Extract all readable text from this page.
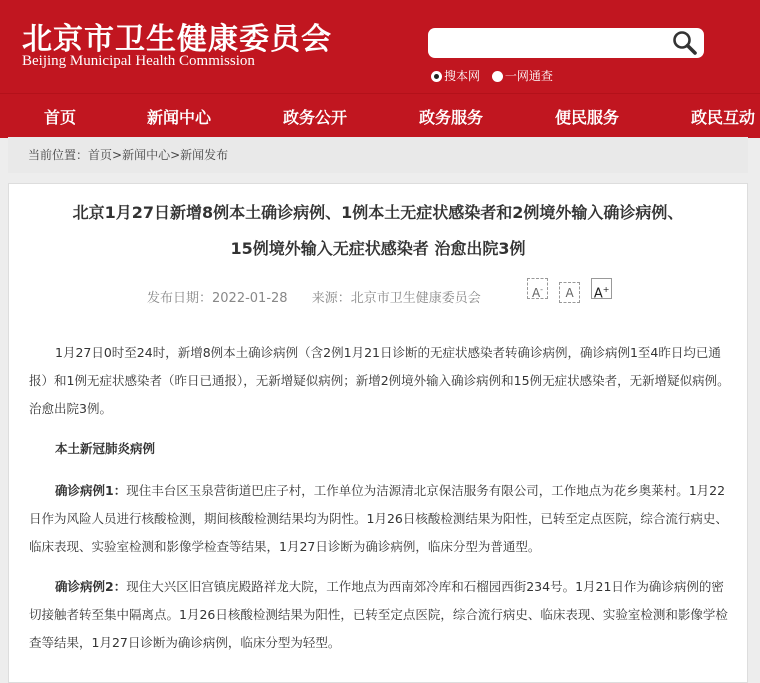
北京市卫生健康委员会
Beijing Municipal Health Commission
搜本网 一网通查
首页	新闻中心	政务公开	政务服务	便民服务	政民互动
当前位置：首页>新闻中心>新闻发布
北京1月27日新增8例本土确诊病例、1例本土无症状感染者和2例境外输入确诊病例、
15例境外输入无症状感染者 治愈出院3例
发布日期：2022-01-28 来源：北京市卫生健康委员会	A- A A+

1月27日0时至24时，新增8例本土确诊病例（含2例1月21日诊断的无症状感染者转确诊病例，确诊病例1至4昨日均已通报）和1例无症状感染者（昨日已通报），无新增疑似病例；新增2例境外输入确诊病例和15例无症状感染者，无新增疑似病例。治愈出院3例。

本土新冠肺炎病例

确诊病例1：现住丰台区玉泉营街道巴庄子村，工作单位为洁源清北京保洁服务有限公司，工作地点为花乡奥莱村。1月22日作为风险人员进行核酸检测，期间核酸检测结果均为阴性。1月26日核酸检测结果为阳性，已转至定点医院，综合流行病史、临床表现、实验室检测和影像学检查等结果，1月27日诊断为确诊病例，临床分型为普通型。

确诊病例2：现住大兴区旧宫镇庑殿路祥龙大院，工作地点为西南郊冷库和石榴园西街234号。1月21日作为确诊病例的密切接触者转至集中隔离点。1月26日核酸检测结果为阳性，已转至定点医院，综合流行病史、临床表现、实验室检测和影像学检查等结果，1月27日诊断为确诊病例，临床分型为轻型。
